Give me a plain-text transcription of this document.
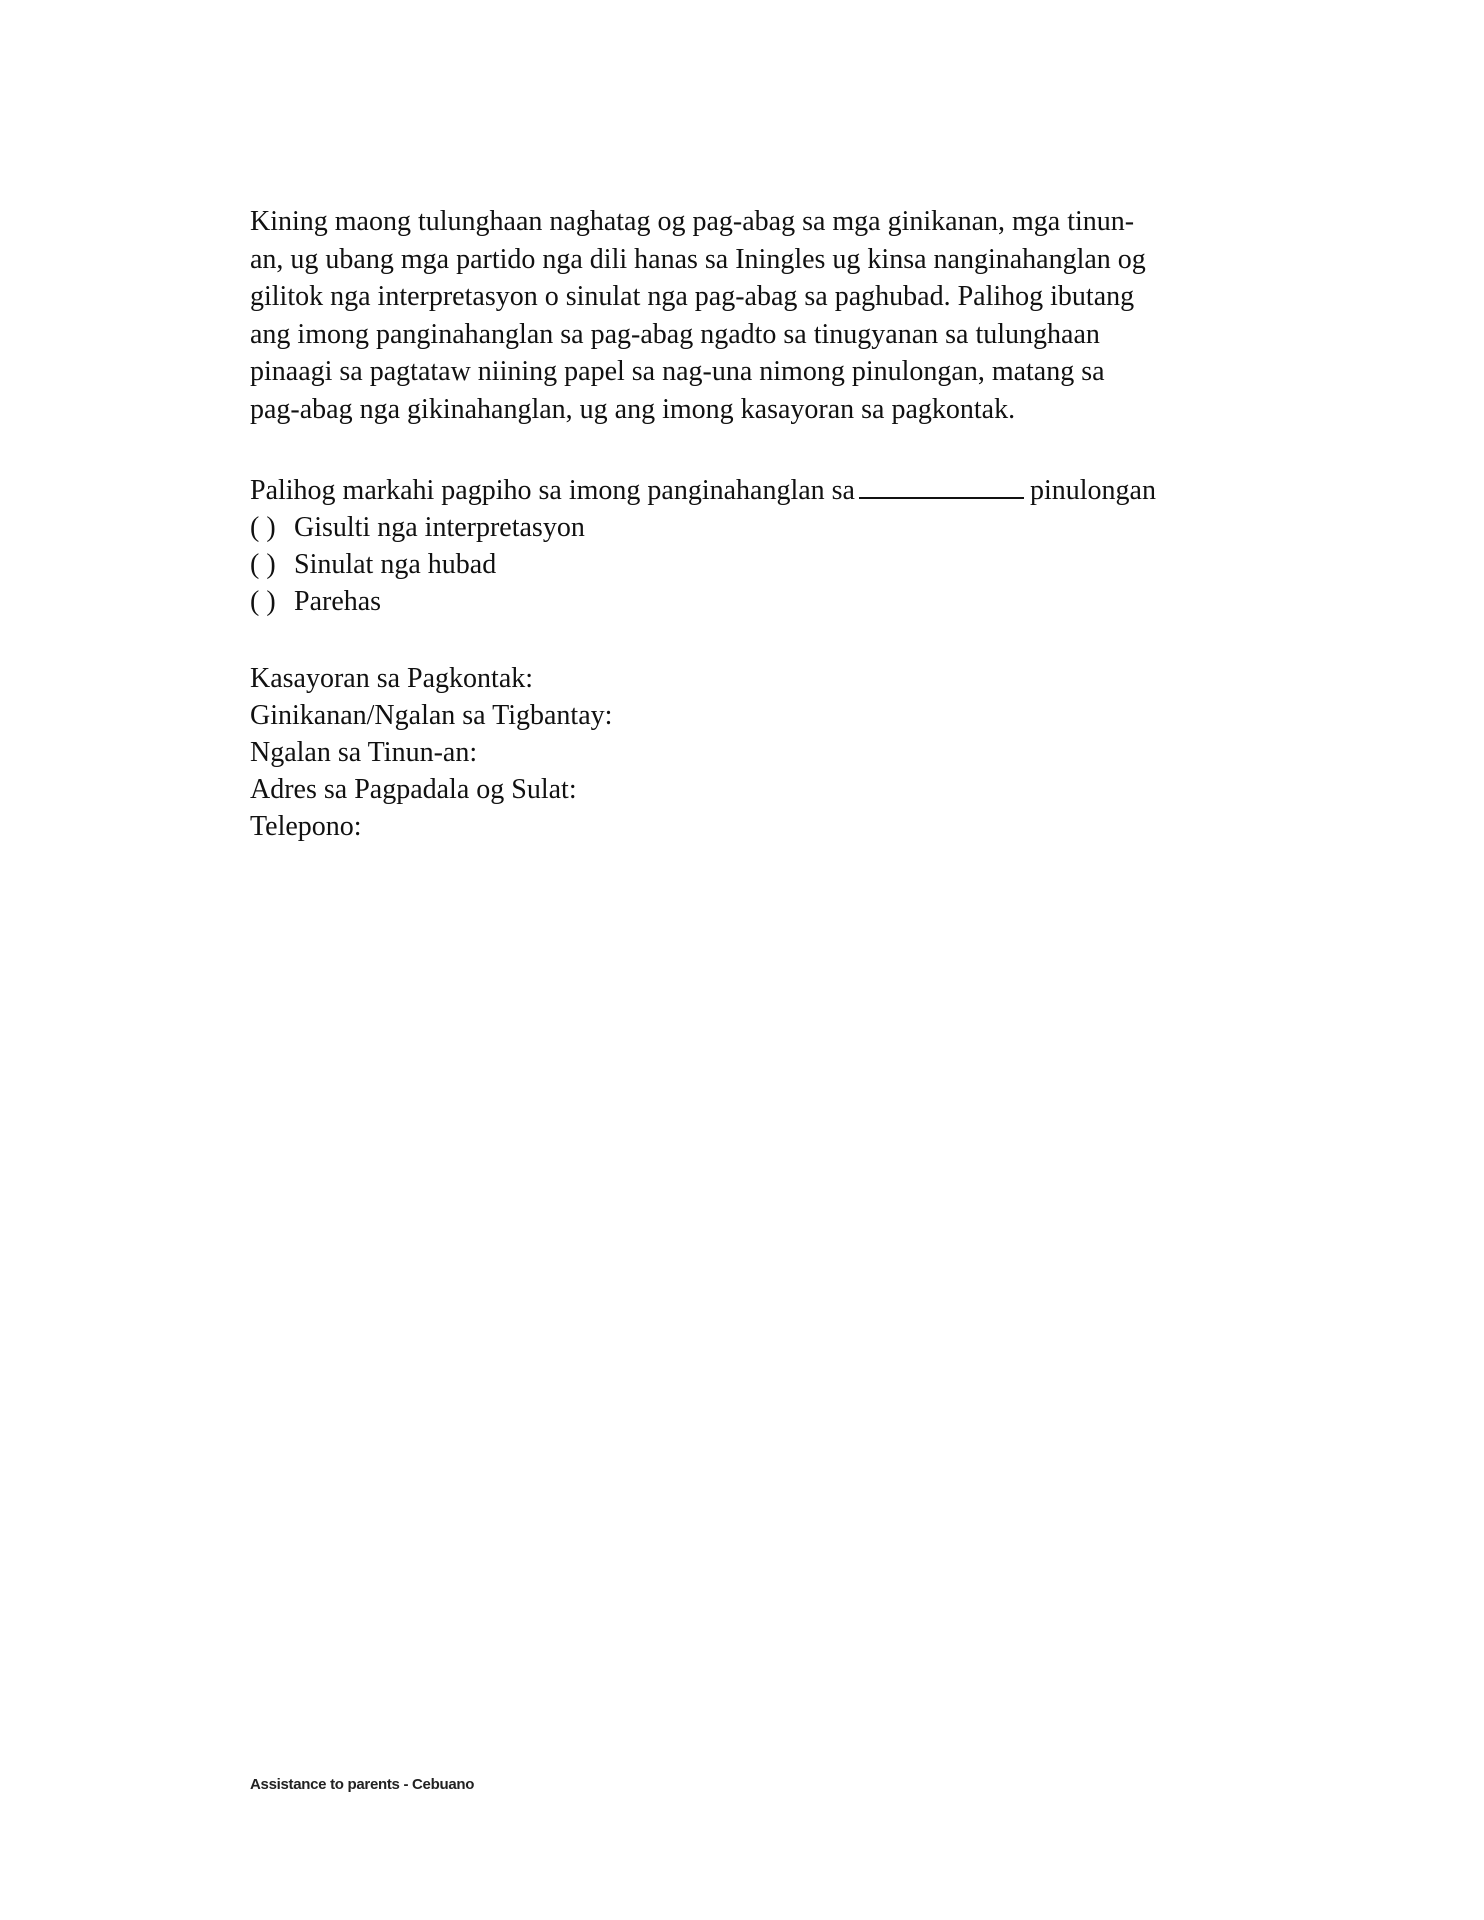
Kining maong tulunghaan naghatag og pag-abag sa mga ginikanan, mga tinun-
an, ug ubang mga partido nga dili hanas sa Iningles ug kinsa nanginahanglan og
gilitok nga interpretasyon o sinulat nga pag-abag sa paghubad. Palihog ibutang
ang imong panginahanglan sa pag-abag ngadto sa tinugyanan sa tulunghaan
pinaagi sa pagtataw niining papel sa nag-una nimong pinulongan, matang sa
pag-abag nga gikinahanglan, ug ang imong kasayoran sa pagkontak.

Palihog markahi pagpiho sa imong panginahanglan sa	pinulongan
( ) Gisulti nga interpretasyon
( ) Sinulat nga hubad
( ) Parehas
Kasayoran sa Pagkontak:
Ginikanan/Ngalan sa Tigbantay:
Ngalan sa Tinun-an:
Adres sa Pagpadala og Sulat:
Telepono:
Assistance to parents - Cebuano
